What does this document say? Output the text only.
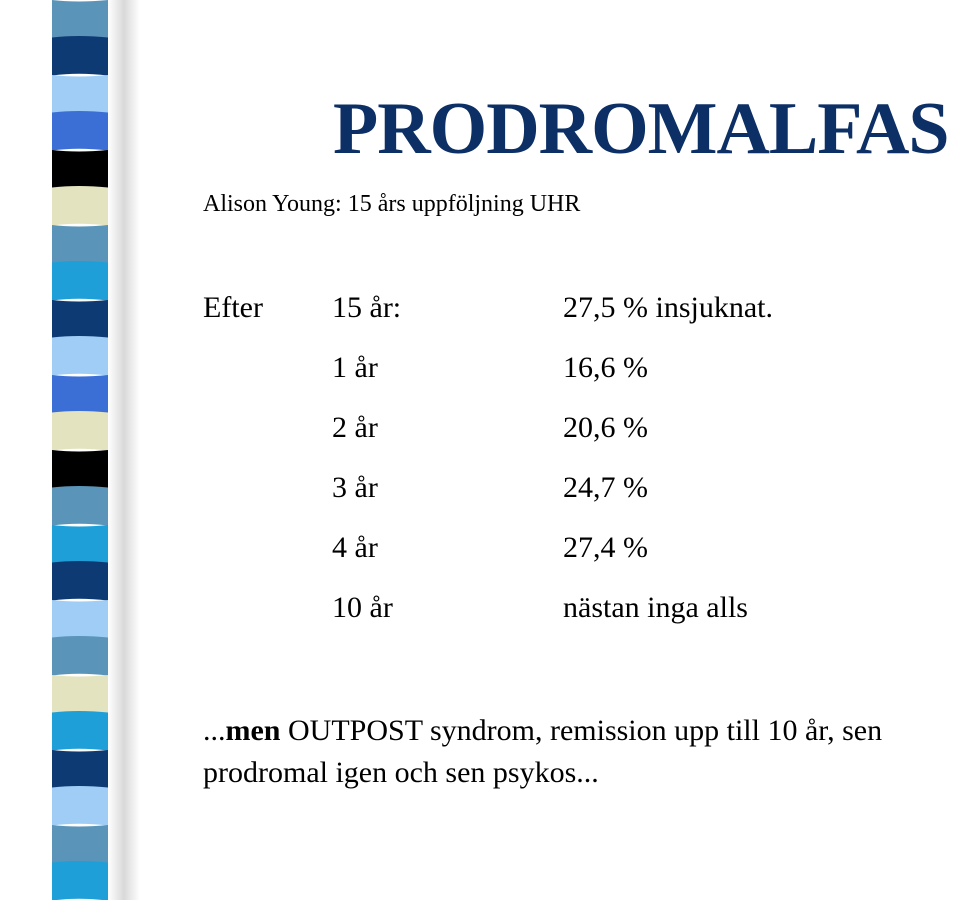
PRODROMALFAS
Alison Young: 15 års uppföljning UHR
Efter 15 år:	27,5 % insjuknat.
1 år	16,6 %
2 år	20,6 %
3 år	24,7 %
4 år	27,4 %
10 år	nästan inga alls
...men OUTPOST syndrom, remission upp till 10 år, sen prodromal igen och sen psykos...
